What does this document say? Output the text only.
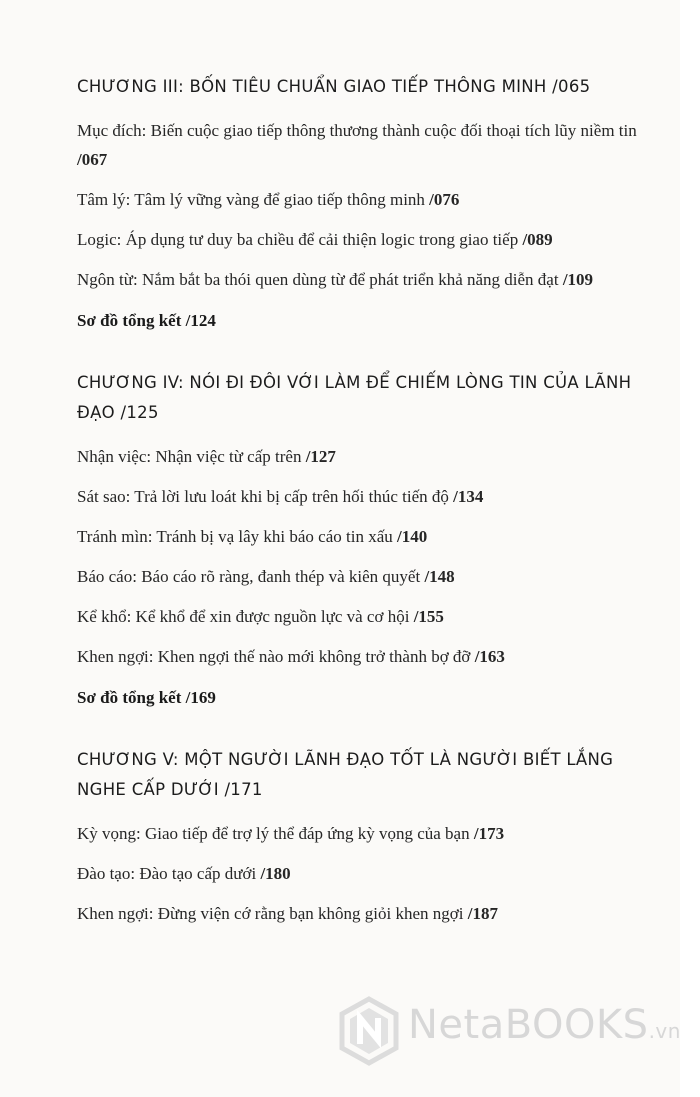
CHƯƠNG III: BỐN TIÊU CHUẨN GIAO TIẾP THÔNG MINH /065
Mục đích: Biến cuộc giao tiếp thông thương thành cuộc đối thoại tích lũy niềm tin /067
Tâm lý: Tâm lý vững vàng để giao tiếp thông minh /076
Logic: Áp dụng tư duy ba chiều để cải thiện logic trong giao tiếp /089
Ngôn từ: Nắm bắt ba thói quen dùng từ để phát triển khả năng diễn đạt /109
Sơ đồ tổng kết /124
CHƯƠNG IV: NÓI ĐI ĐÔI VỚI LÀM ĐỂ CHIẾM LÒNG TIN CỦA LÃNH ĐẠO /125
Nhận việc: Nhận việc từ cấp trên /127
Sát sao: Trả lời lưu loát khi bị cấp trên hối thúc tiến độ /134
Tránh mìn: Tránh bị vạ lây khi báo cáo tin xấu /140
Báo cáo: Báo cáo rõ ràng, đanh thép và kiên quyết /148
Kể khổ: Kể khổ để xin được nguồn lực và cơ hội /155
Khen ngợi: Khen ngợi thế nào mới không trở thành bợ đỡ /163
Sơ đồ tổng kết /169
CHƯƠNG V: MỘT NGƯỜI LÃNH ĐẠO TỐT LÀ NGƯỜI BIẾT LẮNG NGHE CẤP DƯỚI /171
Kỳ vọng: Giao tiếp để trợ lý thể đáp ứng kỳ vọng của bạn /173
Đào tạo: Đào tạo cấp dưới /180
Khen ngợi: Đừng viện cớ rằng bạn không giỏi khen ngợi /187
NetaBOOKS.vn
